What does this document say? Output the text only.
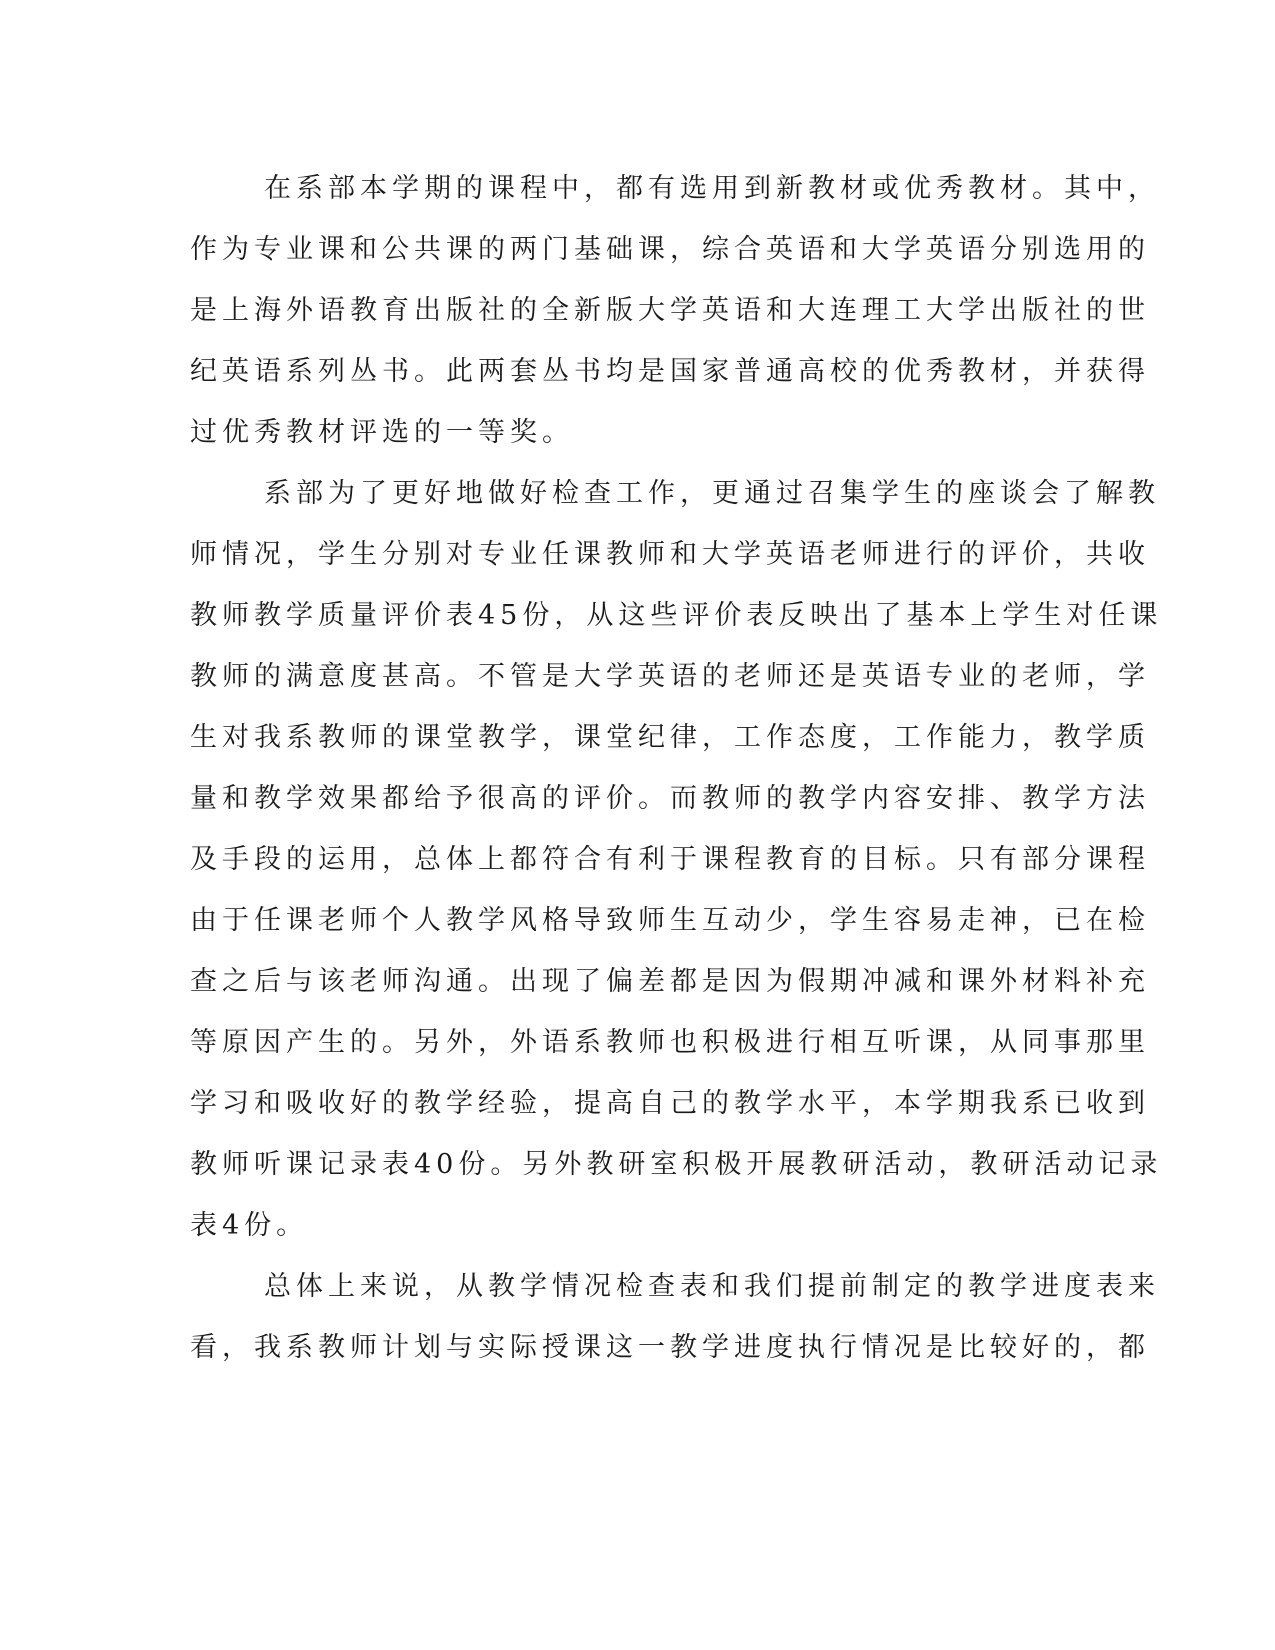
在系部本学期的课程中，都有选用到新教材或优秀教材。其中，
作为专业课和公共课的两门基础课，综合英语和大学英语分别选用的
是上海外语教育出版社的全新版大学英语和大连理工大学出版社的世
纪英语系列丛书。此两套丛书均是国家普通高校的优秀教材，并获得
过优秀教材评选的一等奖。
系部为了更好地做好检查工作，更通过召集学生的座谈会了解教
师情况，学生分别对专业任课教师和大学英语老师进行的评价，共收
教师教学质量评价表45份，从这些评价表反映出了基本上学生对任课
教师的满意度甚高。不管是大学英语的老师还是英语专业的老师，学
生对我系教师的课堂教学，课堂纪律，工作态度，工作能力，教学质
量和教学效果都给予很高的评价。而教师的教学内容安排、教学方法
及手段的运用，总体上都符合有利于课程教育的目标。只有部分课程
由于任课老师个人教学风格导致师生互动少，学生容易走神，已在检
查之后与该老师沟通。出现了偏差都是因为假期冲减和课外材料补充
等原因产生的。另外，外语系教师也积极进行相互听课，从同事那里
学习和吸收好的教学经验，提高自己的教学水平，本学期我系已收到
教师听课记录表40份。另外教研室积极开展教研活动，教研活动记录
表4份。
总体上来说，从教学情况检查表和我们提前制定的教学进度表来
看，我系教师计划与实际授课这一教学进度执行情况是比较好的，都
